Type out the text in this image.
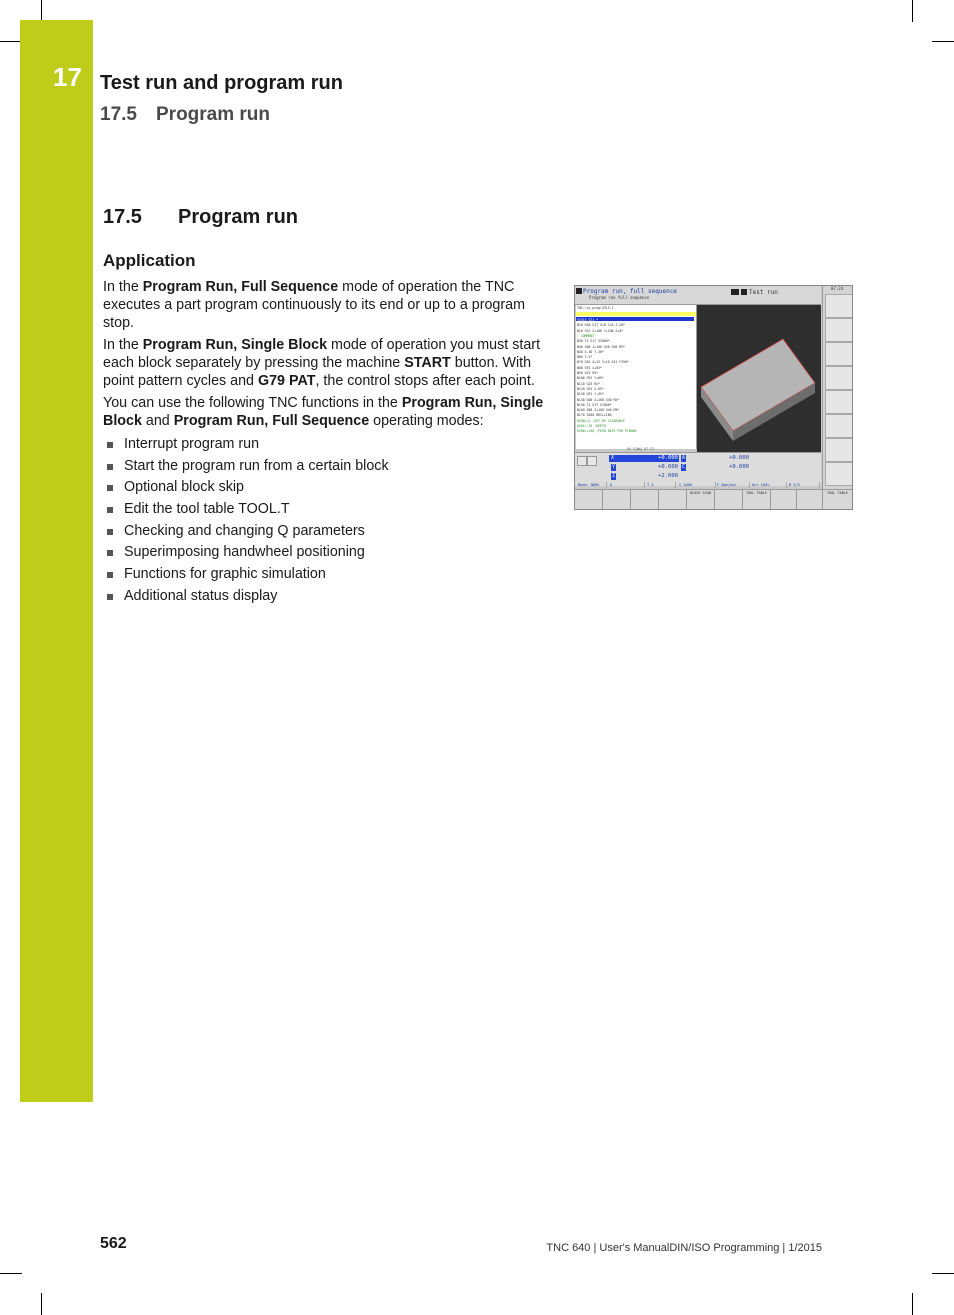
17 Test run and program run
17.5 Program run
17.5 Program run
Application

In the Program Run, Full Sequence mode of operation the TNC executes a part program continuously to its end or up to a program stop.

In the Program Run, Single Block mode of operation you must start each block separately by pressing the machine START button. With point pattern cycles and G79 PAT, the control stops after each point.

You can use the following TNC functions in the Program Run, Single Block and Program Run, Full Sequence operating modes:

Interrupt program run
Start the program run from a certain block
Optional block skip
Edit the tool table TOOL.T
Checking and changing Q parameters
Superimposing handwheel positioning
Functions for graphic simulation
Additional status display
Program run, full sequence
Program run full sequence
Test run
TNC:\nc_prog\3315.I
%3315 G71 *
N10 G30 G17 X+0 Y+0 Z-20*
N20 G31 X+100 Y+100 Z+0*
; COMMENT
N30 T1 G17 S2000*
N40 G00 Z+100 G40 G90 M3*
N50 X-30 Y-30*
N60 Z-5*
N70 G01 X+15 Y+15 G41 F250*
N80 G91 X+65*
N90 G25 R5*
N100 G91 Y+65*
N110 G25 R5*
N120 G91 X-65*
N130 G91 Y-65*
N140 G00 Z+100 G40 M2*
N150 T2 G17 S1000*
N160 G00 Z+100 G40 M3*
N170 G200 DRILLING
Q200=+2 ;SET-UP CLEARANCE
Q201=-20 ;DEPTH
Q206=+150 ;FEED RATE FOR PLNGNG
0% F[Nm] 07:23
X	+0.000
Y	+0.000
Z	+2.000
A	+0.000
C	+0.000
Mode: NOML	0	T 4	S 2000	F 0mm/min	Ovr 100%	M 5/9
07:24
BLOCK SCAN	TOOL TABLE	TOOL TABLE
562	TNC 640 | User's ManualDIN/ISO Programming | 1/2015
